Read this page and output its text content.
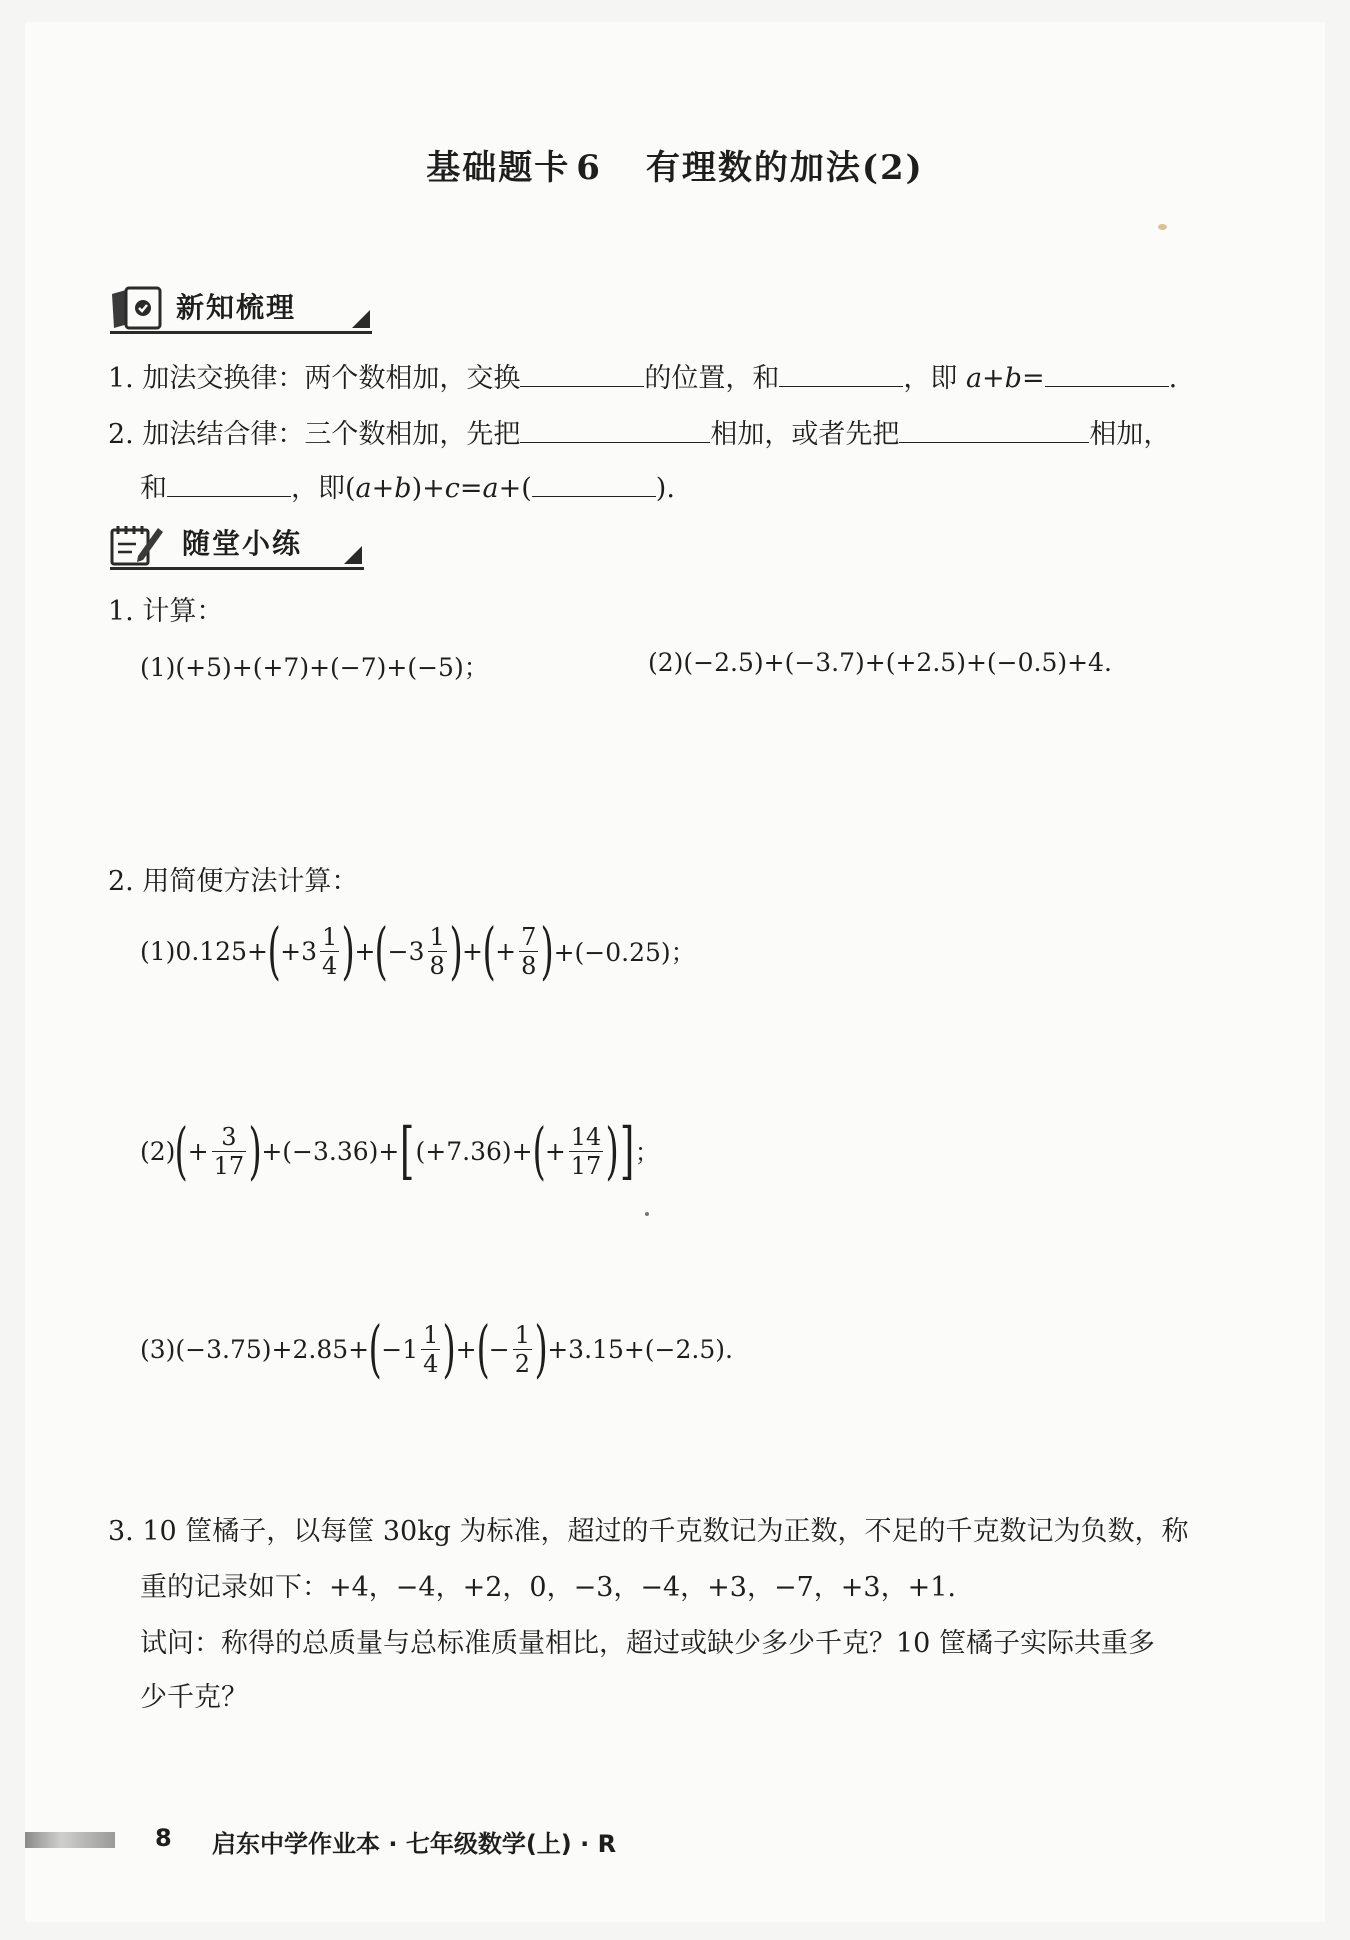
基础题卡 6 有理数的加法(2)
新知梳理
1. 加法交换律：两个数相加，交换	的位置，和	，即 a+b=	.
2. 加法结合律：三个数相加，先把	相加，或者先把	相加，
和	，即(a+b)+c=a+(	).
随堂小练
1. 计算：
(1)(+5)+(+7)+(−7)+(−5)；	(2)(−2.5)+(−3.7)+(+2.5)+(−0.5)+4.
2. 用简便方法计算：
(1)0.125+ ( $+3 \frac{1}{4}$ ) + ( $-3 \frac{1}{8}$ ) + ( + $\frac{7}{8}$ ) +(−0.25)；
(2) ( + $\frac{3}{17}$ ) +(−3.36)+ [ (+7.36)+ ( + $\frac{14}{17}$ ) ] ；
(3)(−3.75)+2.85+ ( $-1 \frac{1}{4}$ ) + ( − $\frac{1}{2}$ ) +3.15+(−2.5).
3. 10 筐橘子，以每筐 30kg 为标准，超过的千克数记为正数，不足的千克数记为负数，称
重的记录如下：+4，−4，+2，0，−3，−4，+3，−7，+3，+1.
试问：称得的总质量与总标准质量相比，超过或缺少多少千克？10 筐橘子实际共重多
少千克？
8 启东中学作业本 · 七年级数学(上) · R
